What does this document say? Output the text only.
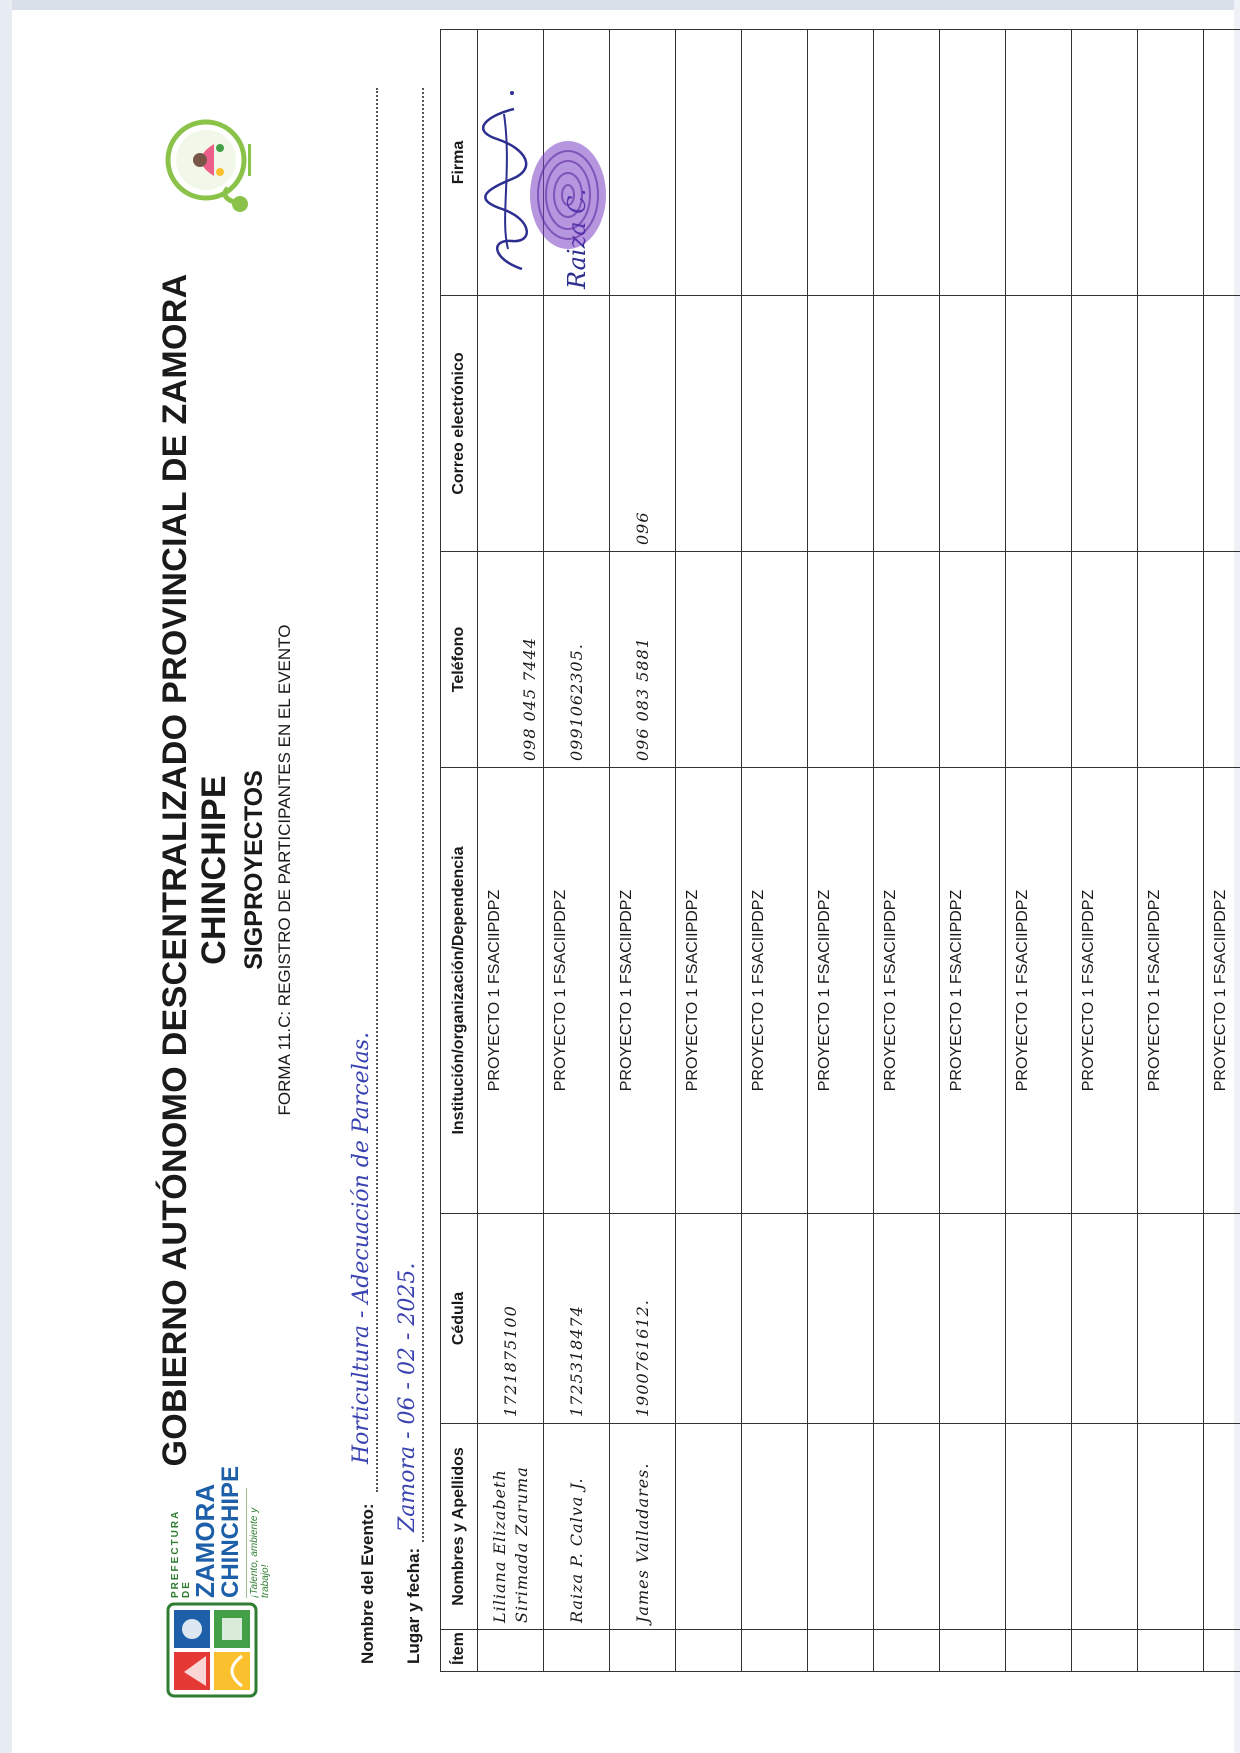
PREFECTURA DE
ZAMORA
CHINCHIPE ¡Talento, ambiente y trabajo!
GOBIERNO AUTÓNOMO DESCENTRALIZADO PROVINCIAL DE ZAMORA CHINCHIPE SIGPROYECTOS FORMA 11.C: REGISTRO DE PARTICIPANTES EN EL EVENTO
Nombre del Evento:
Horticultura - Adecuación de Parcelas.
Lugar y fecha:
Zamora - 06 - 02 - 2025.
Ítem	Nombres y Apellidos	Cédula	Institución/organización/Dependencia	Teléfono	Correo electrónico	Firma
	Liliana Elizabeth Sirimada Zaruma	1721875100	PROYECTO 1 FSACIIPDPZ	098 045 7444		
	Raiza P. Calva J.	1725318474	PROYECTO 1 FSACIIPDPZ	0991062305.		

	James Valladares.	1900761612.	PROYECTO 1 FSACIIPDPZ	096 083 5881	096	
			PROYECTO 1 FSACIIPDPZ			
			PROYECTO 1 FSACIIPDPZ			
			PROYECTO 1 FSACIIPDPZ			
			PROYECTO 1 FSACIIPDPZ			
			PROYECTO 1 FSACIIPDPZ			
			PROYECTO 1 FSACIIPDPZ			
			PROYECTO 1 FSACIIPDPZ			
			PROYECTO 1 FSACIIPDPZ			
			PROYECTO 1 FSACIIPDPZ			
